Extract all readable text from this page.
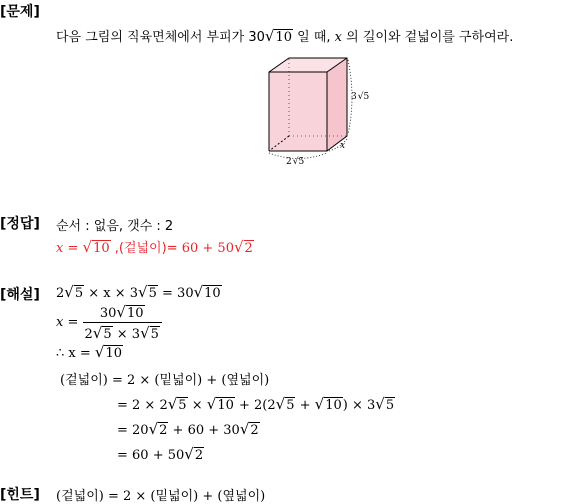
[문제]
다음 그림의 직육면체에서 부피가 30√10 일 때, x 의 길이와 겉넓이를 구하여라.
3√5
x
2√5
[정답] 순서 : 없음, 갯수 : 2
x = √10 ,(겉넓이)= 60 + 50√2
[해설] 2√5 × x × 3√5 = 30√10
$x = \frac{30√10}{2√5 \times 3√5}$
∴ x = √10
(겉넓이) = 2 × (밑넓이) + (옆넓이)
= 2 × 2√5 × √10 + 2(2√5 + √10) × 3√5
= 20√2 + 60 + 30√2
= 60 + 50√2
[힌트] (겉넓이) = 2 × (밑넓이) + (옆넓이)
